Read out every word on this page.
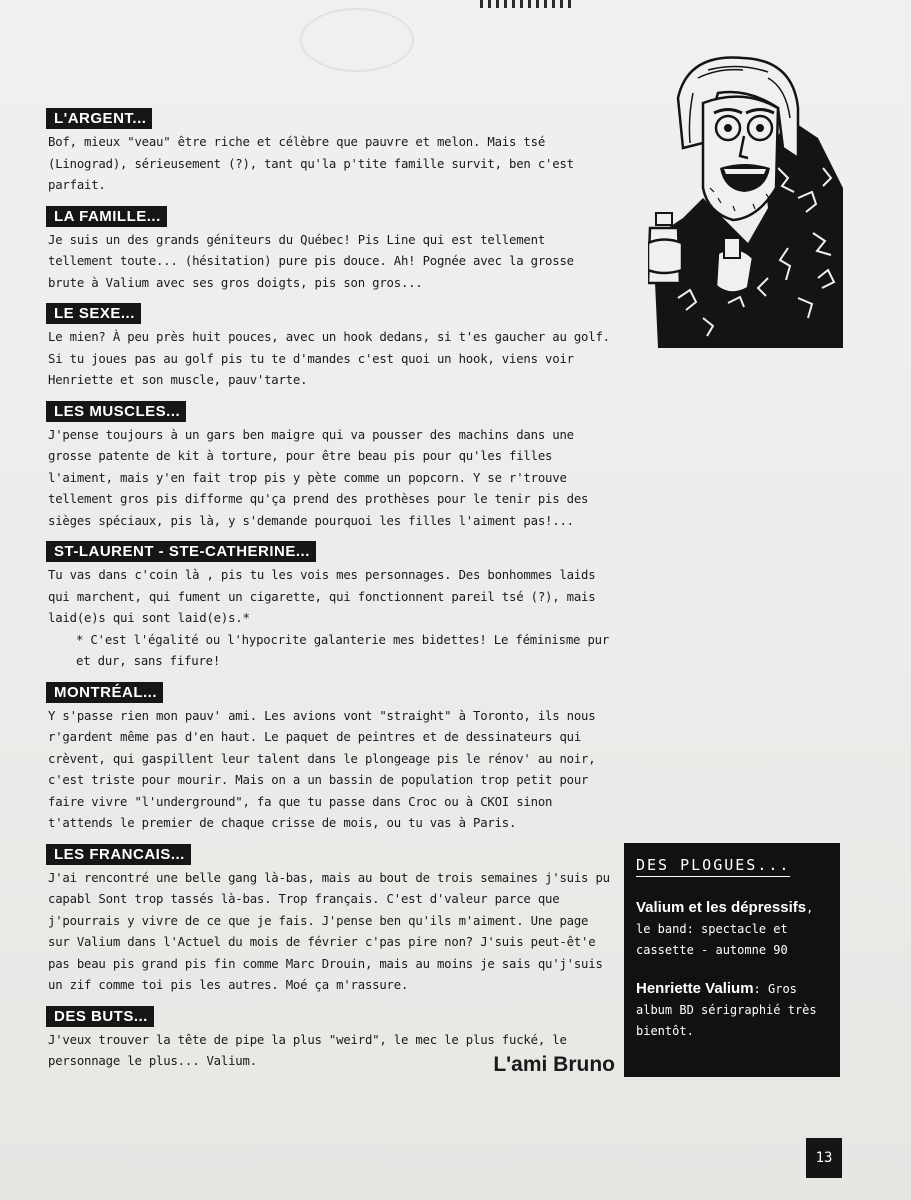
L'ARGENT...

Bof, mieux "veau" être riche et célèbre que pauvre et melon. Mais tsé (Linograd), sérieusement (?), tant qu'la p'tite famille survit, ben c'est parfait.

LA FAMILLE...

Je suis un des grands géniteurs du Québec! Pis Line qui est tellement tellement toute... (hésitation) pure pis douce. Ah! Pognée avec la grosse brute à Valium avec ses gros doigts, pis son gros...

LE SEXE...

Le mien? À peu près huit pouces, avec un hook dedans, si t'es gaucher au golf. Si tu joues pas au golf pis tu te d'mandes c'est quoi un hook, viens voir Henriette et son muscle, pauv'tarte.

LES MUSCLES...

J'pense toujours à un gars ben maigre qui va pousser des machins dans une grosse patente de kit à torture, pour être beau pis pour qu'les filles l'aiment, mais y'en fait trop pis y pète comme un popcorn. Y se r'trouve tellement gros pis difforme qu'ça prend des prothèses pour le tenir pis des sièges spéciaux, pis là, y s'demande pourquoi les filles l'aiment pas!...

ST-LAURENT - STE-CATHERINE...

Tu vas dans c'coin là , pis tu les vois mes personnages. Des bonhommes laids qui marchent, qui fument un cigarette, qui fonctionnent pareil tsé (?), mais laid(e)s qui sont laid(e)s.*

* C'est l'égalité ou l'hypocrite galanterie mes bidettes! Le féminisme pur et dur, sans fifure!

MONTRÉAL...

Y s'passe rien mon pauv' ami. Les avions vont "straight" à Toronto, ils nous r'gardent même pas d'en haut. Le paquet de peintres et de dessinateurs qui crèvent, qui gaspillent leur talent dans le plongeage pis le rénov' au noir, c'est triste pour mourir. Mais on a un bassin de population trop petit pour faire vivre "l'underground", fa que tu passe dans Croc ou à CKOI sinon t'attends le premier de chaque crisse de mois, ou tu vas à Paris.

LES FRANCAIS...

J'ai rencontré une belle gang là-bas, mais au bout de trois semaines j'suis pu capabl Sont trop tassés là-bas. Trop français. C'est d'valeur parce que j'pourrais y vivre de ce que je fais. J'pense ben qu'ils m'aiment. Une page sur Valium dans l'Actuel du mois de février c'pas pire non? J'suis peut-êt'e pas beau pis grand pis fin comme Marc Drouin, mais au moins je sais qu'j'suis un zif comme toi pis les autres. Moé ça m'rassure.

DES BUTS...

J'veux trouver la tête de pipe la plus "weird", le mec le plus fucké, le personnage le plus... Valium.	L'ami Bruno
DES PLOGUES...
Valium et les dépressifs, le band: spectacle et cassette - automne 90
Henriette Valium: Gros album BD sérigraphié très bientôt.
13
